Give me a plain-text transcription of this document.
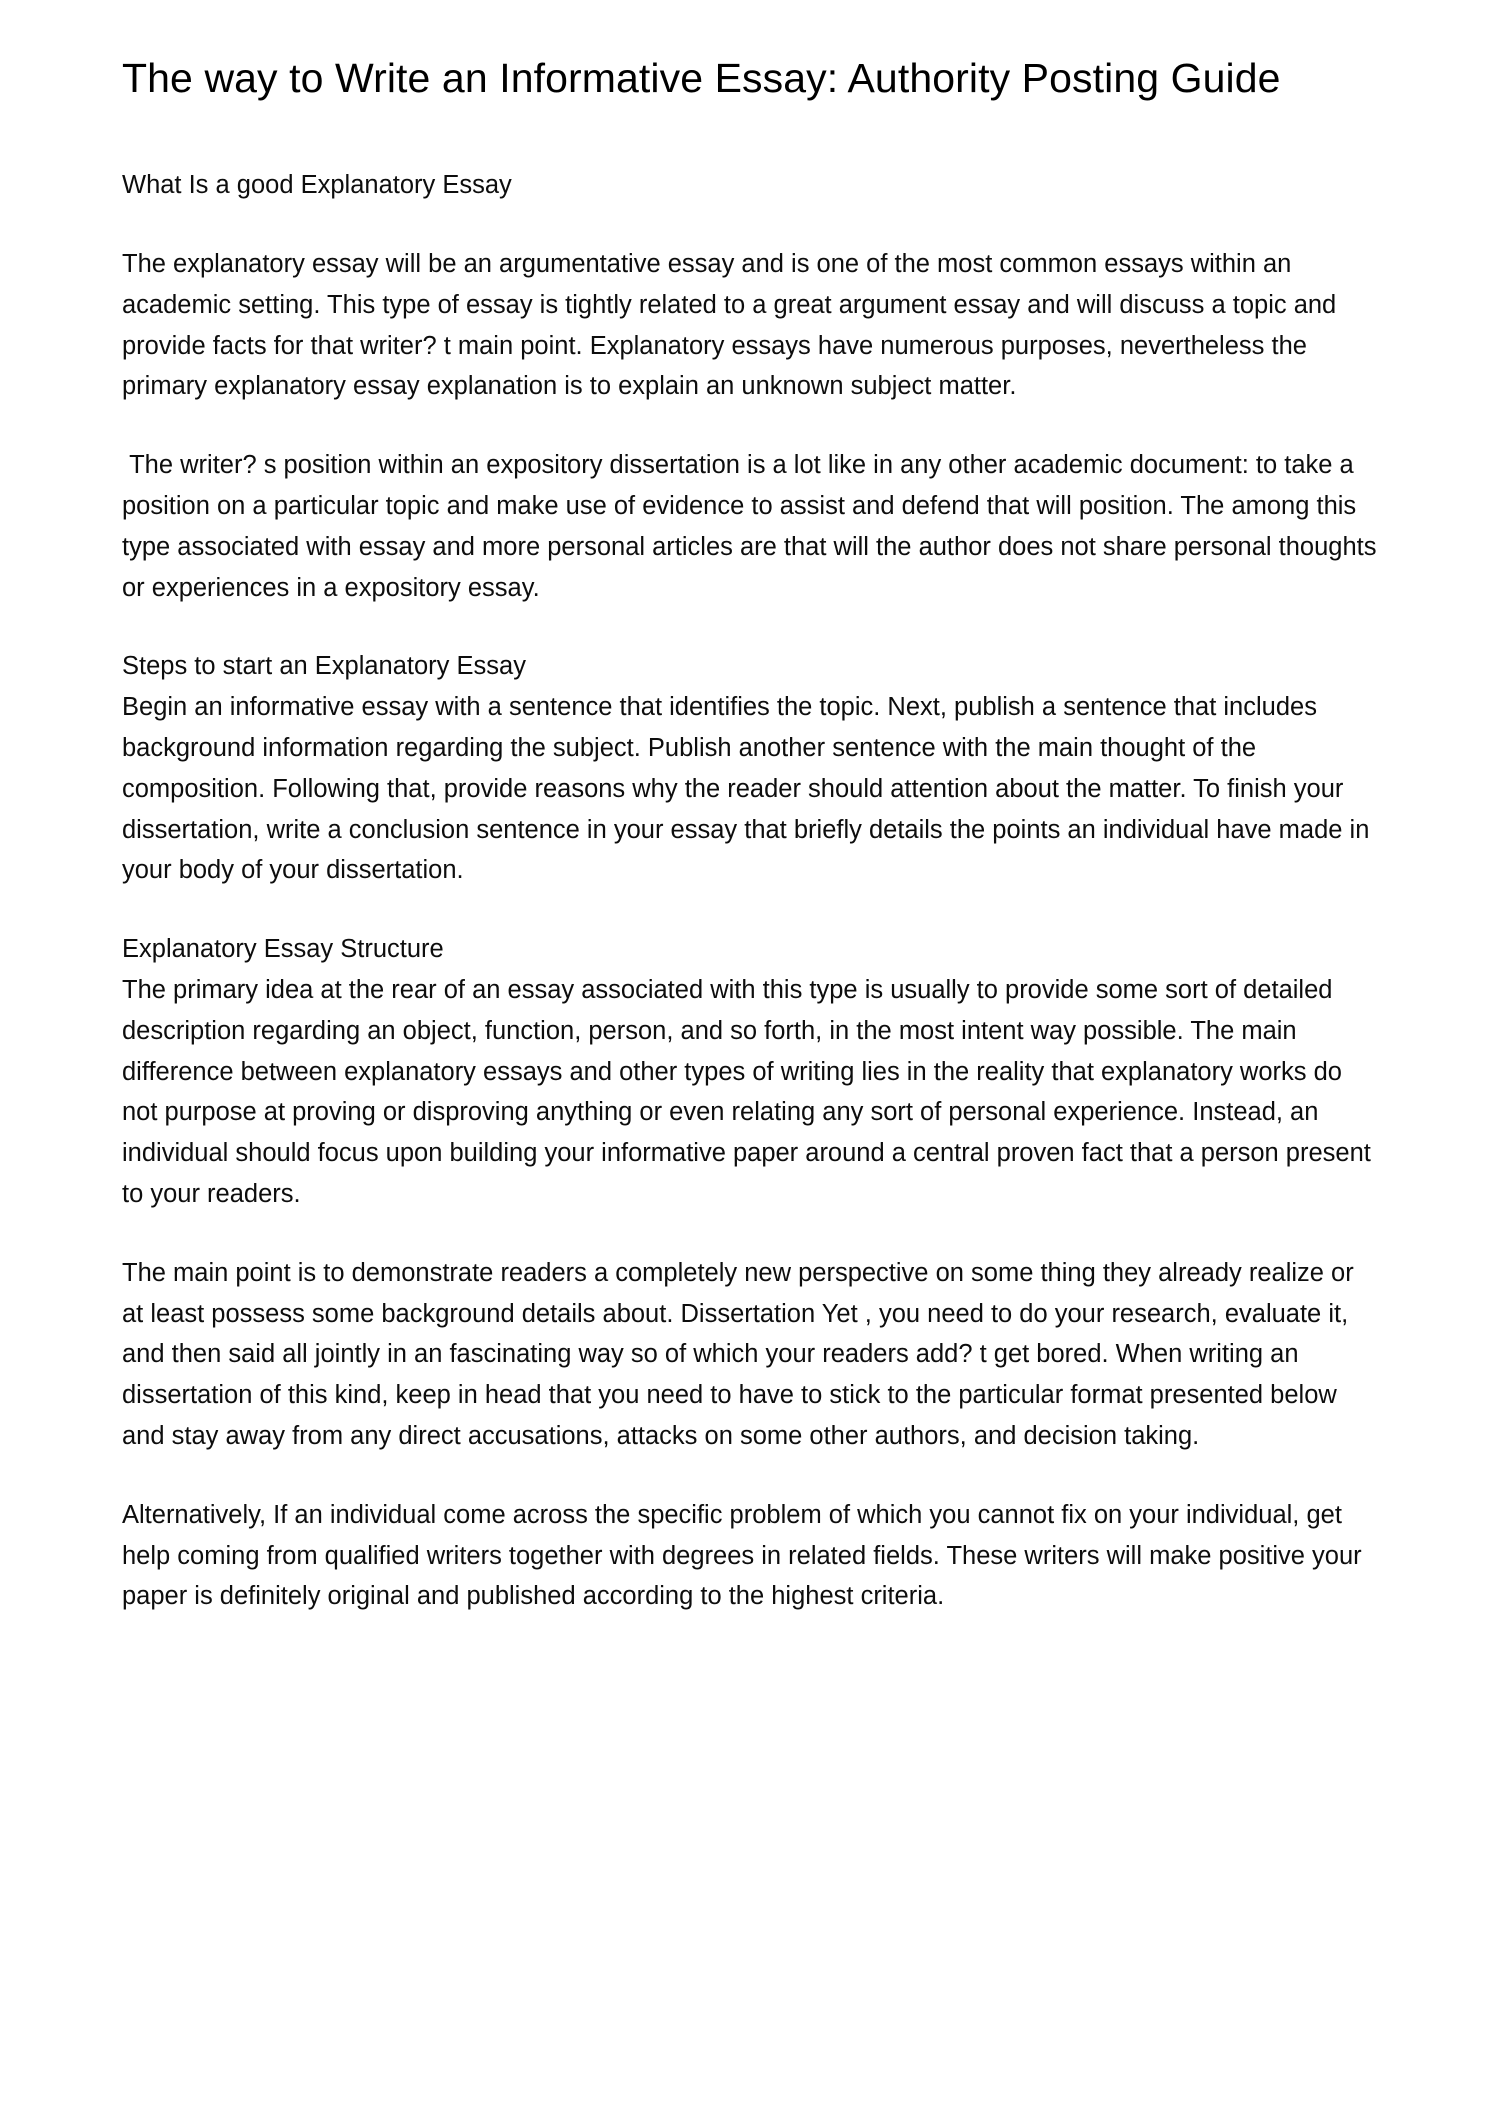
The way to Write an Informative Essay: Authority Posting Guide

What Is a good Explanatory Essay

The explanatory essay will be an argumentative essay and is one of the most common essays within an academic setting. This type of essay is tightly related to a great argument essay and will discuss a topic and provide facts for that writer? t main point. Explanatory essays have numerous purposes, nevertheless the primary explanatory essay explanation is to explain an unknown subject matter.

The writer? s position within an expository dissertation is a lot like in any other academic document: to take a position on a particular topic and make use of evidence to assist and defend that will position. The among this type associated with essay and more personal articles are that will the author does not share personal thoughts or experiences in a expository essay.

Steps to start an Explanatory Essay

Begin an informative essay with a sentence that identifies the topic. Next, publish a sentence that includes background information regarding the subject. Publish another sentence with the main thought of the composition. Following that, provide reasons why the reader should attention about the matter. To finish your dissertation, write a conclusion sentence in your essay that briefly details the points an individual have made in your body of your dissertation.

Explanatory Essay Structure

The primary idea at the rear of an essay associated with this type is usually to provide some sort of detailed description regarding an object, function, person, and so forth, in the most intent way possible. The main difference between explanatory essays and other types of writing lies in the reality that explanatory works do not purpose at proving or disproving anything or even relating any sort of personal experience. Instead, an individual should focus upon building your informative paper around a central proven fact that a person present to your readers.

The main point is to demonstrate readers a completely new perspective on some thing they already realize or at least possess some background details about. Dissertation Yet , you need to do your research, evaluate it, and then said all jointly in an fascinating way so of which your readers add? t get bored. When writing an dissertation of this kind, keep in head that you need to have to stick to the particular format presented below and stay away from any direct accusations, attacks on some other authors, and decision taking.

Alternatively, If an individual come across the specific problem of which you cannot fix on your individual, get help coming from qualified writers together with degrees in related fields. These writers will make positive your paper is definitely original and published according to the highest criteria.
